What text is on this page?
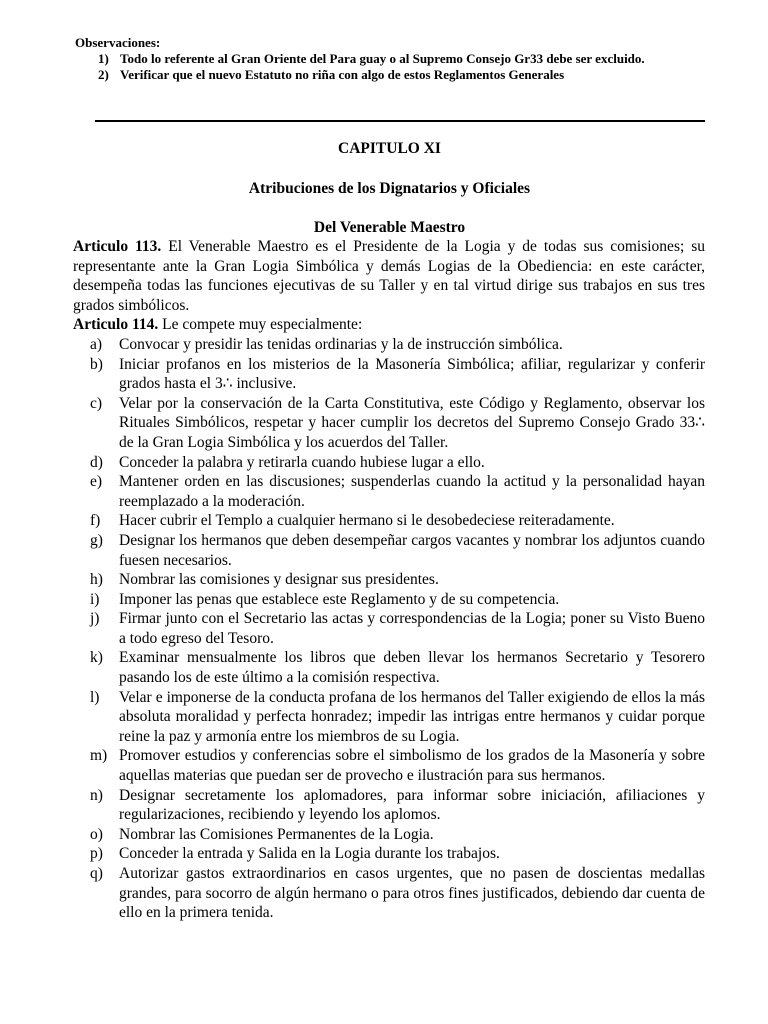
Observaciones:
1) Todo lo referente al Gran Oriente del Para guay o al Supremo Consejo Gr33 debe ser excluido.
2) Verificar que el nuevo Estatuto no riña con algo de estos Reglamentos Generales
CAPITULO XI
Atribuciones de los Dignatarios y Oficiales
Del Venerable Maestro

Articulo 113. El Venerable Maestro es el Presidente de la Logia y de todas sus comisiones; su representante ante la Gran Logia Simbólica y demás Logias de la Obediencia: en este carácter, desempeña todas las funciones ejecutivas de su Taller y en tal virtud dirige sus trabajos en sus tres grados simbólicos.

Articulo 114. Le compete muy especialmente:

a)	Convocar y presidir las tenidas ordinarias y la de instrucción simbólica.
b)	Iniciar profanos en los misterios de la Masonería Simbólica; afiliar, regularizar y conferir grados hasta el 3∴ inclusive.
c)	Velar por la conservación de la Carta Constitutiva, este Código y Reglamento, observar los Rituales Simbólicos, respetar y hacer cumplir los decretos del Supremo Consejo Grado 33∴ de la Gran Logia Simbólica y los acuerdos del Taller.
d)	Conceder la palabra y retirarla cuando hubiese lugar a ello.
e)	Mantener orden en las discusiones; suspenderlas cuando la actitud y la personalidad hayan reemplazado a la moderación.
f)	Hacer cubrir el Templo a cualquier hermano si le desobedeciese reiteradamente.
g)	Designar los hermanos que deben desempeñar cargos vacantes y nombrar los adjuntos cuando fuesen necesarios.
h)	Nombrar las comisiones y designar sus presidentes.
i)	Imponer las penas que establece este Reglamento y de su competencia.
j)	Firmar junto con el Secretario las actas y correspondencias de la Logia; poner su Visto Bueno a todo egreso del Tesoro.
k)	Examinar mensualmente los libros que deben llevar los hermanos Secretario y Tesorero pasando los de este último a la comisión respectiva.
l)	Velar e imponerse de la conducta profana de los hermanos del Taller exigiendo de ellos la más absoluta moralidad y perfecta honradez; impedir las intrigas entre hermanos y cuidar porque reine la paz y armonía entre los miembros de su Logia.
m) Promover estudios y conferencias sobre el simbolismo de los grados de la Masonería y sobre aquellas materias que puedan ser de provecho e ilustración para sus hermanos.
n)	Designar secretamente los aplomadores, para informar sobre iniciación, afiliaciones y regularizaciones, recibiendo y leyendo los aplomos.
o)	Nombrar las Comisiones Permanentes de la Logia.
p)	Conceder la entrada y Salida en la Logia durante los trabajos.
q)	Autorizar gastos extraordinarios en casos urgentes, que no pasen de doscientas medallas grandes, para socorro de algún hermano o para otros fines justificados, debiendo dar cuenta de ello en la primera tenida.
